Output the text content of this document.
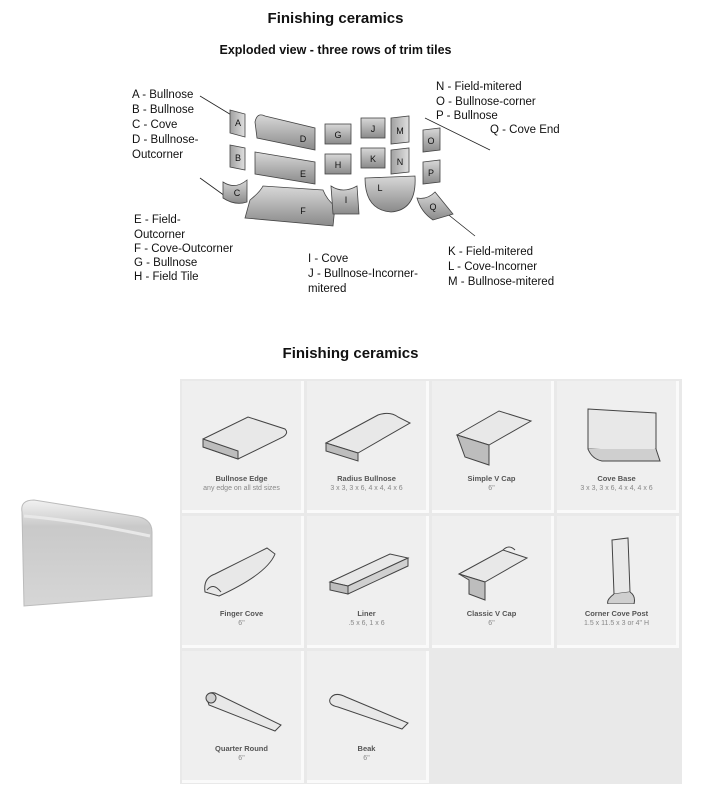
Finishing ceramics
Exploded view - three rows of trim tiles
A - Bullnose
B - Bullnose
C - Cove
D - Bullnose-
Outcorner
E - Field-
Outcorner
F - Cove-Outcorner
G - Bullnose
H - Field Tile
I - Cove
J - Bullnose-Incorner-
mitered
N - Field-mitered
O - Bullnose-corner
P - Bullnose
Q - Cove End
K - Field-mitered
L - Cove-Incorner
M - Bullnose-mitered
A
D	G
J M
O
B
E
H
K N
P
C
F
I
L
Q
Finishing ceramics
Bullnose Edge
any edge on all std sizes
Radius Bullnose
3 x 3, 3 x 6, 4 x 4, 4 x 6
Simple V Cap
6"
Cove Base
3 x 3, 3 x 6, 4 x 4, 4 x 6
Finger Cove
6"
Liner
.5 x 6, 1 x 6
Classic V Cap
6"
Corner Cove Post
1.5 x 11.5 x 3 or 4" H
Quarter Round
6"
Beak
6"
